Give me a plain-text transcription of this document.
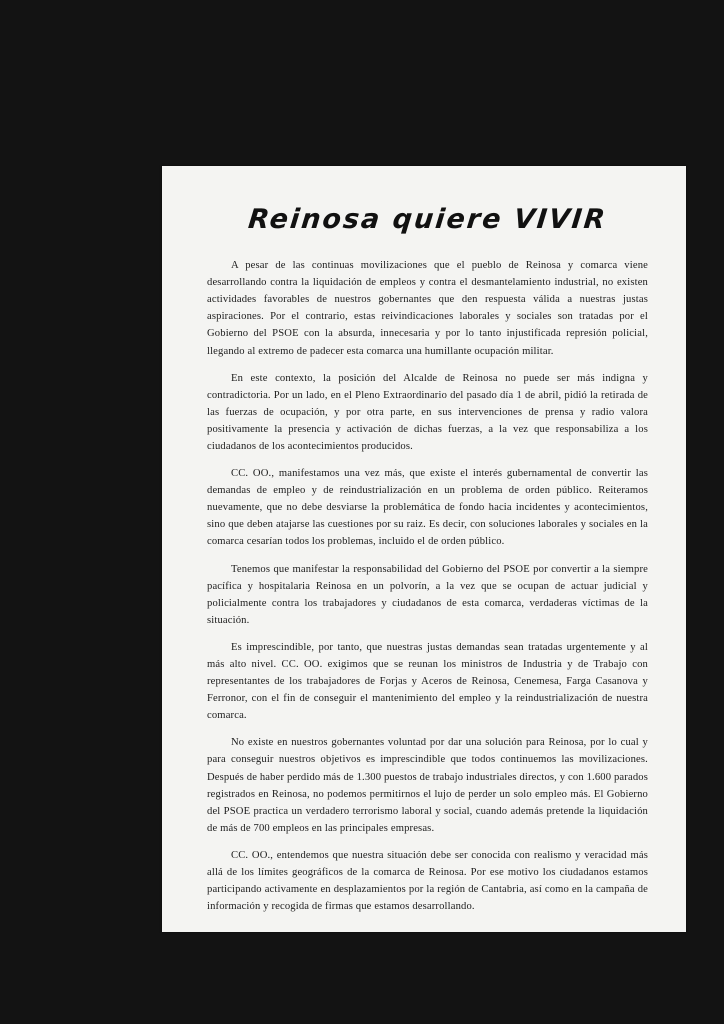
Reinosa quiere VIVIR

A pesar de las continuas movilizaciones que el pueblo de Reinosa y comarca viene desarrollando contra la liquidación de empleos y contra el desmantelamiento industrial, no existen actividades favorables de nuestros gobernantes que den respuesta válida a nuestras justas aspiraciones. Por el contrario, estas reivindicaciones laborales y sociales son tratadas por el Gobierno del PSOE con la absurda, innecesaria y por lo tanto injustificada represión policial, llegando al extremo de padecer esta comarca una humillante ocupación militar.

En este contexto, la posición del Alcalde de Reinosa no puede ser más indigna y contradictoria. Por un lado, en el Pleno Extraordinario del pasado día 1 de abril, pidió la retirada de las fuerzas de ocupación, y por otra parte, en sus intervenciones de prensa y radio valora positivamente la presencia y activación de dichas fuerzas, a la vez que responsabiliza a los ciudadanos de los acontecimientos producidos.

CC. OO., manifestamos una vez más, que existe el interés gubernamental de convertir las demandas de empleo y de reindustrialización en un problema de orden público. Reiteramos nuevamente, que no debe desviarse la problemática de fondo hacia incidentes y acontecimientos, sino que deben atajarse las cuestiones por su raiz. Es decir, con soluciones laborales y sociales en la comarca cesarían todos los problemas, incluido el de orden público.

Tenemos que manifestar la responsabilidad del Gobierno del PSOE por convertir a la siempre pacífica y hospitalaria Reinosa en un polvorín, a la vez que se ocupan de actuar judicial y policialmente contra los trabajadores y ciudadanos de esta comarca, verdaderas víctimas de la situación.

Es imprescindible, por tanto, que nuestras justas demandas sean tratadas urgentemente y al más alto nivel. CC. OO. exigimos que se reunan los ministros de Industria y de Trabajo con representantes de los trabajadores de Forjas y Aceros de Reinosa, Cenemesa, Farga Casanova y Ferronor, con el fin de conseguir el mantenimiento del empleo y la reindustrialización de nuestra comarca.

No existe en nuestros gobernantes voluntad por dar una solución para Reinosa, por lo cual y para conseguir nuestros objetivos es imprescindible que todos continuemos las movilizaciones. Después de haber perdido más de 1.300 puestos de trabajo industriales directos, y con 1.600 parados registrados en Reinosa, no podemos permitirnos el lujo de perder un solo empleo más. El Gobierno del PSOE practica un verdadero terrorismo laboral y social, cuando además pretende la liquidación de más de 700 empleos en las principales empresas.

CC. OO., entendemos que nuestra situación debe ser conocida con realismo y veracidad más allá de los límites geográficos de la comarca de Reinosa. Por ese motivo los ciudadanos estamos participando activamente en desplazamientos por la región de Cantabria, así como en la campaña de información y recogida de firmas que estamos desarrollando.
